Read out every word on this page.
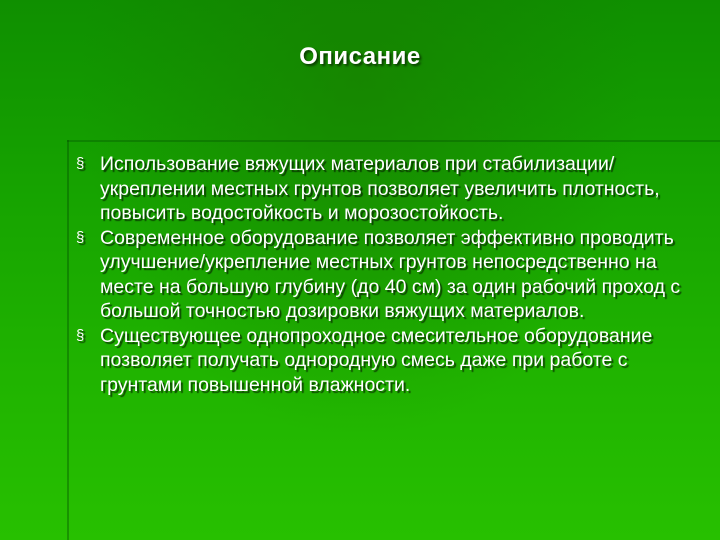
Описание
§ Использование вяжущих материалов при стабилизации/укреплении местных грунтов позволяет увеличить плотность, повысить водостойкость и морозостойкость.
§ Современное оборудование позволяет эффективно проводить улучшение/укрепление местных грунтов непосредственно на месте на большую глубину (до 40 см) за один рабочий проход с большой точностью дозировки вяжущих материалов.
§ Существующее однопроходное смесительное оборудование позволяет получать однородную смесь даже при работе с грунтами повышенной влажности.
